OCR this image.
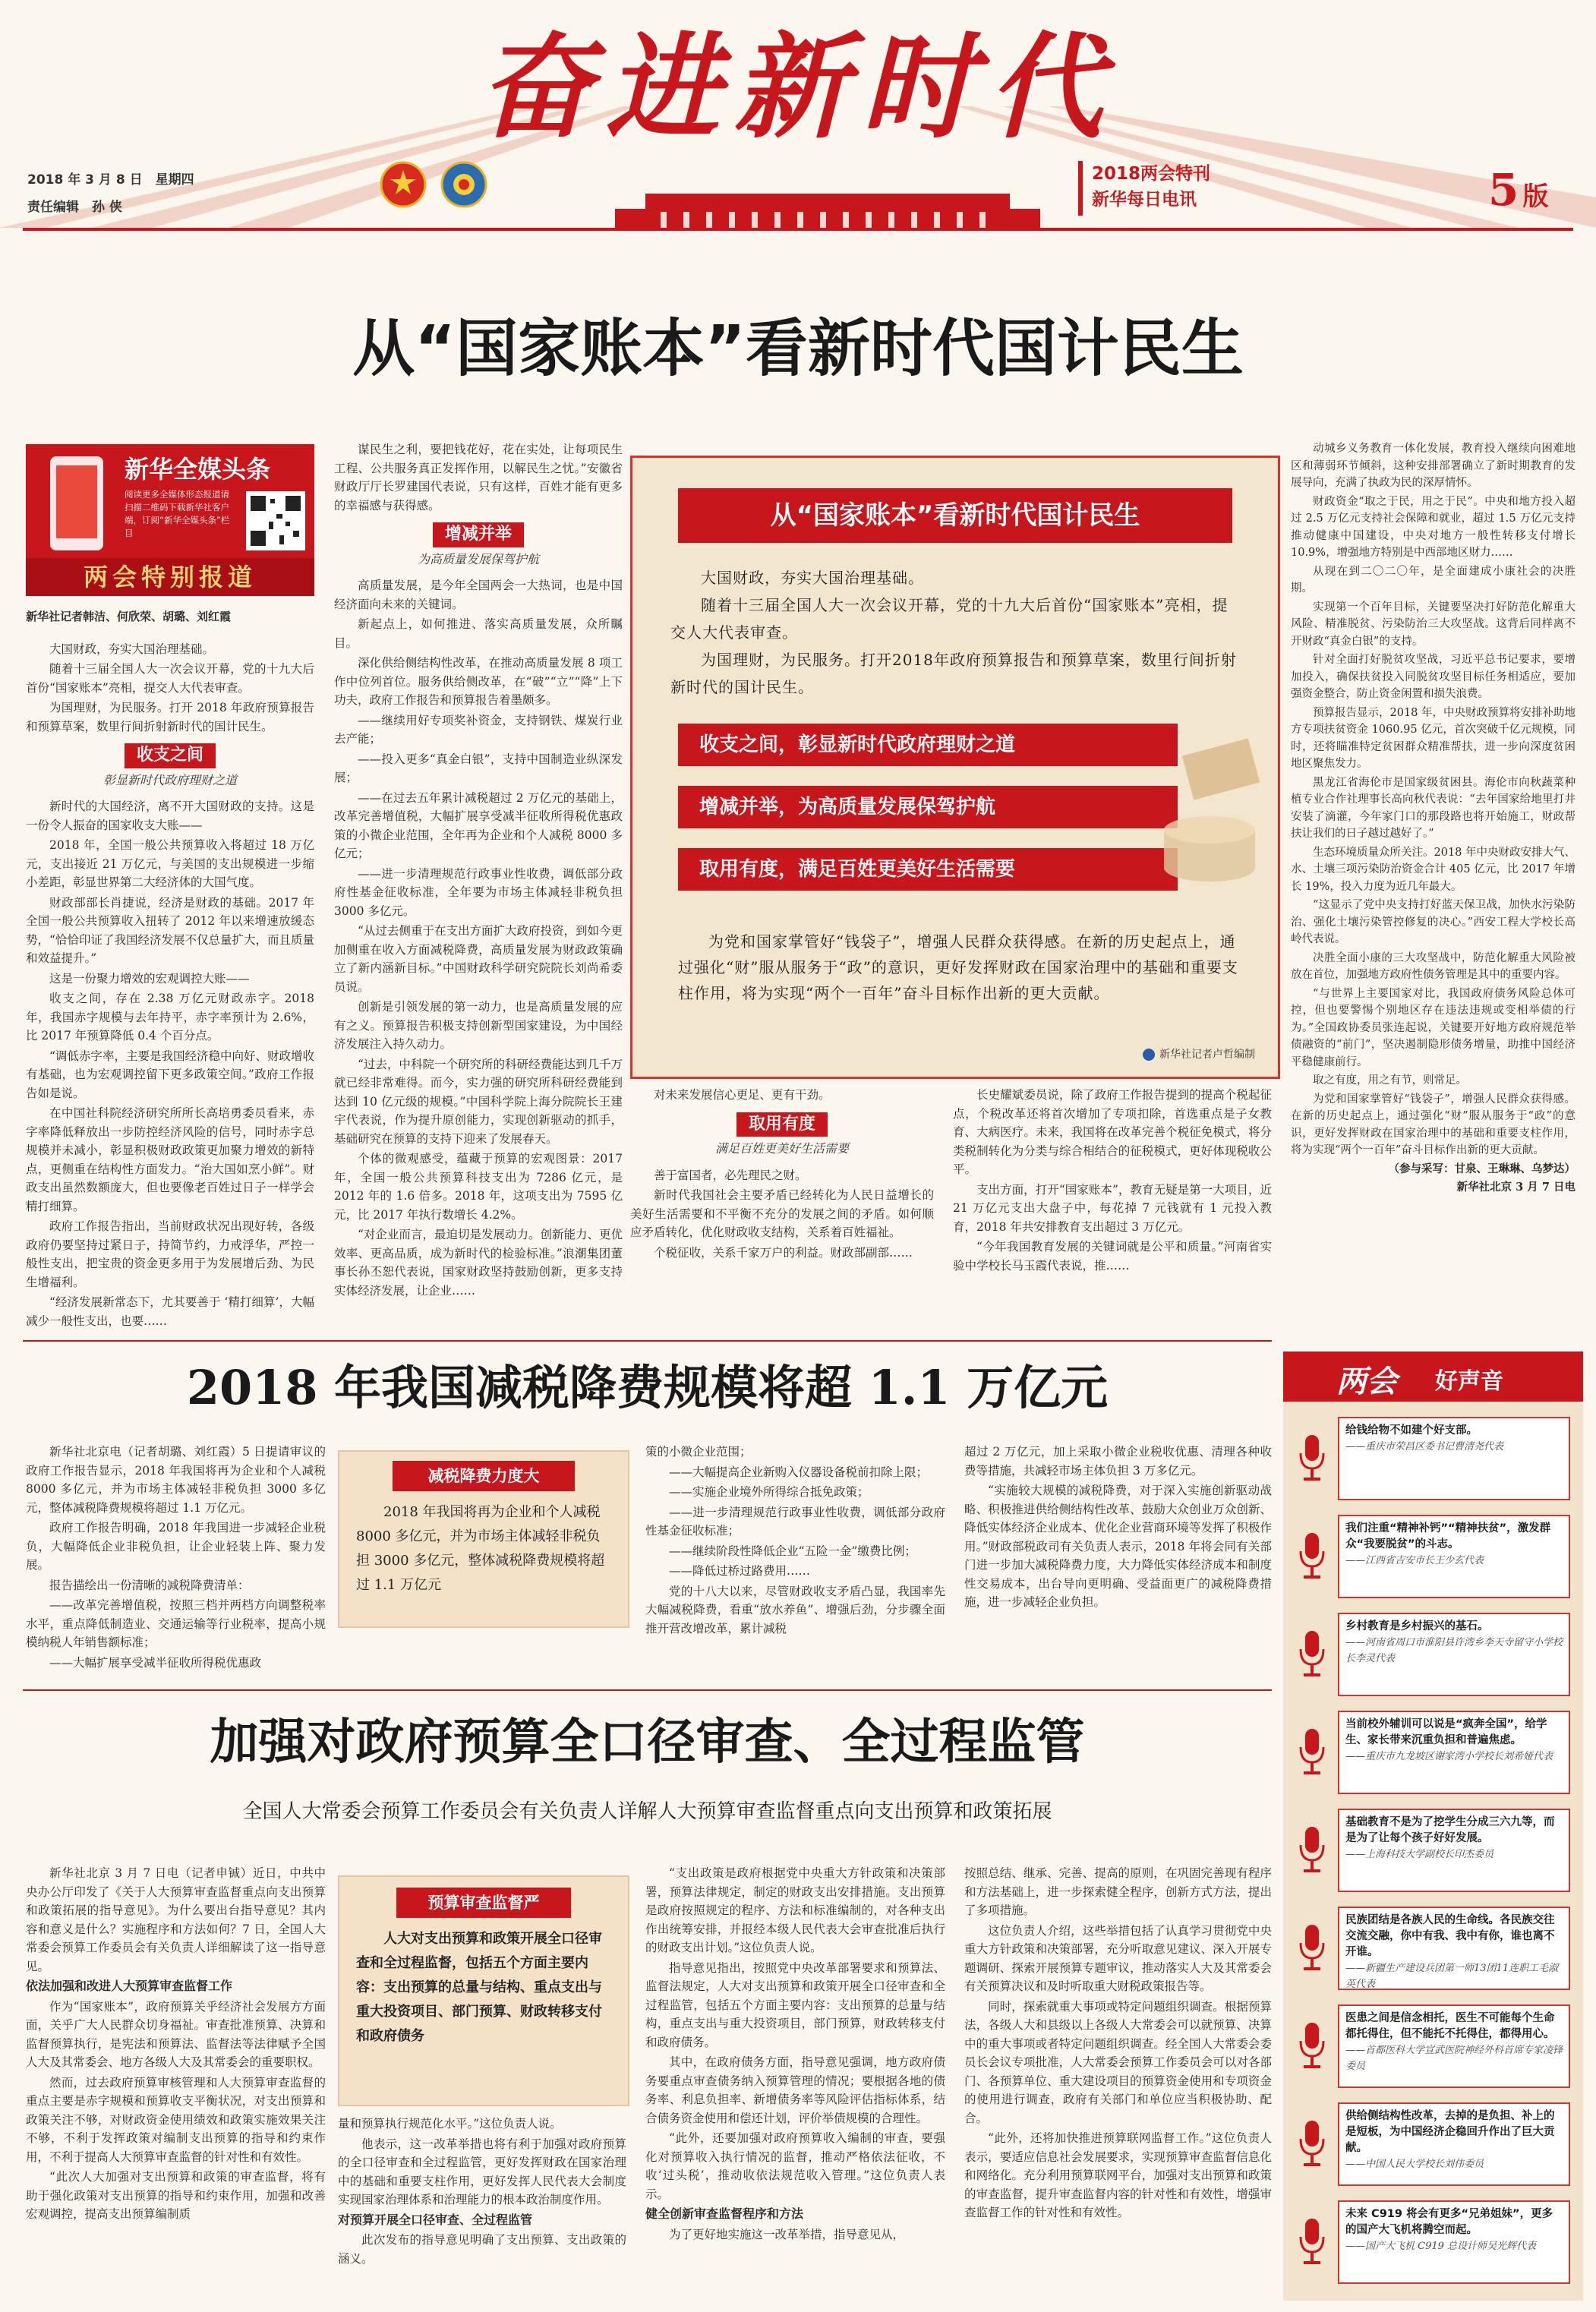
奋进新时代
2018 年 3 月 8 日　星期四
责任编辑　孙 侠
2018两会特刊
新华每日电讯	5 版
从“国家账本”看新时代国计民生
新华全媒头条
阅读更多全媒体形态报道请扫描二维码下载新华社客户端，订阅“新华全媒头条”栏目
两会特别报道
新华社记者韩洁、何欣荣、胡璐、刘红霞

大国财政，夯实大国治理基础。

随着十三届全国人大一次会议开幕，党的十九大后首份“国家账本”亮相，提交人大代表审查。

为国理财，为民服务。打开 2018 年政府预算报告和预算草案，数里行间折射新时代的国计民生。

收支之间
彰显新时代政府理财之道

新时代的大国经济，离不开大国财政的支持。这是一份令人振奋的国家收支大账——

2018 年，全国一般公共预算收入将超过 18 万亿元，支出接近 21 万亿元，与美国的支出规模进一步缩小差距，彰显世界第二大经济体的大国气度。

财政部部长肖捷说，经济是财政的基础。2017 年全国一般公共预算收入扭转了 2012 年以来增速放缓态势，“恰恰印证了我国经济发展不仅总量扩大，而且质量和效益提升。”

这是一份聚力增效的宏观调控大账——

收支之间，存在 2.38 万亿元财政赤字。2018 年，我国赤字规模与去年持平，赤字率预计为 2.6%，比 2017 年预算降低 0.4 个百分点。

“调低赤字率，主要是我国经济稳中向好、财政增收有基础，也为宏观调控留下更多政策空间。”政府工作报告如是说。

在中国社科院经济研究所所长高培勇委员看来，赤字率降低释放出一步防控经济风险的信号，同时赤字总规模并未减小，彰显积极财政政策更加聚力增效的新特点，更侧重在结构性方面发力。“治大国如烹小鲜”。财政支出虽然数额庞大，但也要像老百姓过日子一样学会精打细算。

政府工作报告指出，当前财政状况出现好转，各级政府仍要坚持过紧日子，持简节约，力戒浮华，严控一般性支出，把宝贵的资金更多用于为发展增后劲、为民生增福利。

“经济发展新常态下，尤其要善于 ‘精打细算’，大幅减少一般性支出，也要……

谋民生之利，要把钱花好，花在实处，让每项民生工程、公共服务真正发挥作用，以解民生之忧。”安徽省财政厅厅长罗建国代表说，只有这样，百姓才能有更多的幸福感与获得感。

增减并举
为高质量发展保驾护航

高质量发展，是今年全国两会一大热词，也是中国经济面向未来的关键词。

新起点上，如何推进、落实高质量发展，众所瞩目。

深化供给侧结构性改革，在推动高质量发展 8 项工作中位列首位。服务供给侧改革，在“破”“立”“降”上下功夫，政府工作报告和预算报告着墨颇多。

——继续用好专项奖补资金，支持钢铁、煤炭行业去产能；

——投入更多“真金白银”，支持中国制造业纵深发展；

——在过去五年累计减税超过 2 万亿元的基础上，改革完善增值税，大幅扩展享受减半征收所得税优惠政策的小微企业范围，全年再为企业和个人减税 8000 多亿元；

——进一步清理规范行政事业性收费，调低部分政府性基金征收标准，全年要为市场主体减轻非税负担 3000 多亿元。

“从过去侧重于在支出方面扩大政府投资，到如今更加侧重在收入方面减税降费，高质量发展为财政政策确立了新内涵新目标。”中国财政科学研究院院长刘尚希委员说。

创新是引领发展的第一动力，也是高质量发展的应有之义。预算报告积极支持创新型国家建设，为中国经济发展注入持久动力。

“过去，中科院一个研究所的科研经费能达到几千万就已经非常难得。而今，实力强的研究所科研经费能到达到 10 亿元级的规模。”中国科学院上海分院院长王建宇代表说，作为提升原创能力，实现创新驱动的抓手，基础研究在预算的支持下迎来了发展春天。

个体的微观感受，蕴藏于预算的宏观图景：2017 年，全国一般公共预算科技支出为 7286 亿元，是 2012 年的 1.6 倍多。2018 年，这项支出为 7595 亿元，比 2017 年执行数增长 4.2%。

“对企业而言，最迫切是发展动力。创新能力、更优效率、更高品质，成为新时代的检验标准。”浪潮集团董事长孙丕恕代表说，国家财政坚持鼓励创新，更多支持实体经济发展，让企业……

从“国家账本”看新时代国计民生

大国财政，夯实大国治理基础。

随着十三届全国人大一次会议开幕，党的十九大后首份“国家账本”亮相，提交人大代表审查。

为国理财，为民服务。打开2018年政府预算报告和预算草案，数里行间折射新时代的国计民生。

收支之间，彰显新时代政府理财之道
增减并举，为高质量发展保驾护航
取用有度，满足百姓更美好生活需要
为党和国家掌管好“钱袋子”，增强人民群众获得感。在新的历史起点上，通过强化“财”服从服务于“政”的意识，更好发挥财政在国家治理中的基础和重要支柱作用，将为实现“两个一百年”奋斗目标作出新的更大贡献。
新华社记者卢哲编制

对未来发展信心更足、更有干劲。

取用有度
满足百姓更美好生活需要

善于富国者，必先理民之财。

新时代我国社会主要矛盾已经转化为人民日益增长的美好生活需要和不平衡不充分的发展之间的矛盾。如何顺应矛盾转化，优化财政收支结构，关系着百姓福祉。

个税征收，关系千家万户的利益。财政部副部……

长史耀斌委员说，除了政府工作报告提到的提高个税起征点，个税改革还将首次增加了专项扣除，首选重点是子女教育、大病医疗。未来，我国将在改革完善个税征免模式，将分类税制转化为分类与综合相结合的征税模式，更好体现税收公平。

支出方面，打开“国家账本”，教育无疑是第一大项目，近 21 万亿元支出大盘子中，每花掉 7 元钱就有 1 元投入教育，2018 年共安排教育支出超过 3 万亿元。

“今年我国教育发展的关键词就是公平和质量。”河南省实验中学校长马玉霞代表说，推……

动城乡义务教育一体化发展，教育投入继续向困难地区和薄弱环节倾斜，这种安排部署确立了新时期教育的发展导向，充满了执政为民的深厚情怀。

财政资金“取之于民，用之于民”。中央和地方投入超过 2.5 万亿元支持社会保障和就业，超过 1.5 万亿元支持推动健康中国建设，中央对地方一般性转移支付增长 10.9%，增强地方特别是中西部地区财力……

从现在到二〇二〇年，是全面建成小康社会的决胜期。

实现第一个百年目标，关键要坚决打好防范化解重大风险、精准脱贫、污染防治三大攻坚战。这背后同样离不开财政“真金白银”的支持。

针对全面打好脱贫攻坚战，习近平总书记要求，要增加投入，确保扶贫投入同脱贫攻坚目标任务相适应，要加强资金整合，防止资金闲置和损失浪费。

预算报告显示，2018 年，中央财政预算将安排补助地方专项扶贫资金 1060.95 亿元，首次突破千亿元规模，同时，还将瞄准特定贫困群众精准帮扶，进一步向深度贫困地区聚焦发力。

黑龙江省海伦市是国家级贫困县。海伦市向秋蔬菜种植专业合作社理事长高向秋代表说：“去年国家给地里打井安装了滴灌，今年家门口的那段路也将开始施工，财政帮扶让我们的日子越过越好了。”

生态环境质量众所关注。2018 年中央财政安排大气、水、土壤三项污染防治资金合计 405 亿元，比 2017 年增长 19%，投入力度为近几年最大。

“这显示了党中央支持打好蓝天保卫战，加快水污染防治、强化土壤污染管控修复的决心。”西安工程大学校长高岭代表说。

决胜全面小康的三大攻坚战中，防范化解重大风险被放在首位，加强地方政府性债务管理是其中的重要内容。

“与世界上主要国家对比，我国政府债务风险总体可控，但也要警惕个别地区存在违法违规或变相举债的行为。”全国政协委员张连起说，关键要开好地方政府规范举债融资的“前门”，坚决遏制隐形债务增量，助推中国经济平稳健康前行。

取之有度，用之有节，则常足。

为党和国家掌管好“钱袋子”，增强人民群众获得感。在新的历史起点上，通过强化“财”服从服务于“政”的意识，更好发挥财政在国家治理中的基础和重要支柱作用，将为实现“两个一百年”奋斗目标作出新的更大贡献。

（参与采写：甘泉、王琳琳、乌梦达）

新华社北京 3 月 7 日电

2018 年我国减税降费规模将超 1.1 万亿元

新华社北京电（记者胡璐、刘红霞）5 日提请审议的政府工作报告显示，2018 年我国将再为企业和个人减税 8000 多亿元，并为市场主体减轻非税负担 3000 多亿元，整体减税降费规模将超过 1.1 万亿元。

政府工作报告明确，2018 年我国进一步减轻企业税负，大幅降低企业非税负担，让企业轻装上阵、聚力发展。

报告描绘出一份清晰的减税降费清单：

——改革完善增值税，按照三档并两档方向调整税率水平，重点降低制造业、交通运输等行业税率，提高小规模纳税人年销售额标准；

——大幅扩展享受减半征收所得税优惠政

减税降费力度大
2018 年我国将再为企业和个人减税 8000 多亿元，并为市场主体减轻非税负担 3000 多亿元，整体减税降费规模将超过 1.1 万亿元

策的小微企业范围；

——大幅提高企业新购入仪器设备税前扣除上限；

——实施企业境外所得综合抵免政策；

——进一步清理规范行政事业性收费，调低部分政府性基金征收标准；

——继续阶段性降低企业“五险一金”缴费比例；

——降低过桥过路费用……

党的十八大以来，尽管财政收支矛盾凸显，我国率先大幅减税降费，看重“放水养鱼”、增强后劲，分步骤全面推开营改增改革，累计减税

超过 2 万亿元，加上采取小微企业税收优惠、清理各种收费等措施，共减轻市场主体负担 3 万多亿元。

“实施较大规模的减税降费，对于深入实施创新驱动战略、积极推进供给侧结构性改革、鼓励大众创业万众创新、降低实体经济企业成本、优化企业营商环境等发挥了积极作用。”财政部税政司有关负责人表示，2018 年将会同有关部门进一步加大减税降费力度，大力降低实体经济成本和制度性交易成本，出台导向更明确、受益面更广的减税降费措施，进一步减轻企业负担。

加强对政府预算全口径审查、全过程监管
全国人大常委会预算工作委员会有关负责人详解人大预算审查监督重点向支出预算和政策拓展

新华社北京 3 月 7 日电（记者申铖）近日，中共中央办公厅印发了《关于人大预算审查监督重点向支出预算和政策拓展的指导意见》。为什么要出台指导意见？其内容和意义是什么？实施程序和方法如何？7 日，全国人大常委会预算工作委员会有关负责人详细解读了这一指导意见。

依法加强和改进人大预算审查监督工作

作为“国家账本”，政府预算关乎经济社会发展方方面面，关乎广大人民群众切身福祉。审查批准预算、决算和监督预算执行，是宪法和预算法、监督法等法律赋予全国人大及其常委会、地方各级人大及其常委会的重要职权。

然而，过去政府预算审核管理和人大预算审查监督的重点主要是赤字规模和预算收支平衡状况，对支出预算和政策关注不够，对财政资金使用绩效和政策实施效果关注不够，不利于发挥政策对编制支出预算的指导和约束作用，不利于提高人大预算审查监督的针对性和有效性。

“此次人大加强对支出预算和政策的审查监督，将有助于强化政策对支出预算的指导和约束作用，加强和改善宏观调控，提高支出预算编制质

预算审查监督严
人大对支出预算和政策开展全口径审查和全过程监督，包括五个方面主要内容：支出预算的总量与结构、重点支出与重大投资项目、部门预算、财政转移支付和政府债务

量和预算执行规范化水平。”这位负责人说。

他表示，这一改革举措也将有利于加强对政府预算的全口径审查和全过程监管，更好发挥财政在国家治理中的基础和重要支柱作用，更好发挥人民代表大会制度实现国家治理体系和治理能力的根本政治制度作用。

对预算开展全口径审查、全过程监管

此次发布的指导意见明确了支出预算、支出政策的涵义。

“支出政策是政府根据党中央重大方针政策和决策部署，预算法律规定，制定的财政支出安排措施。支出预算是政府按照规定的程序、方法和标准编制的，对各种支出作出统筹安排，并报经本级人民代表大会审查批准后执行的财政支出计划。”这位负责人说。

指导意见指出，按照党中央改革部署要求和预算法、监督法规定，人大对支出预算和政策开展全口径审查和全过程监管，包括五个方面主要内容：支出预算的总量与结构，重点支出与重大投资项目，部门预算，财政转移支付和政府债务。

其中，在政府债务方面，指导意见强调，地方政府债务要重点审查债务纳入预算管理的情况；要根据各地的债务率、利息负担率、新增债务率等风险评估指标体系，结合债务资金使用和偿还计划，评价举债规模的合理性。

“此外，还要加强对政府预算收入编制的审查，要强化对预算收入执行情况的监督，推动严格依法征收，不收‘过头税’，推动收依法规范收入管理。”这位负责人表示。

健全创新审查监督程序和方法

为了更好地实施这一改革举措，指导意见从，

按照总结、继承、完善、提高的原则，在巩固完善现有程序和方法基础上，进一步探索健全程序，创新方式方法，提出了多项措施。

这位负责人介绍，这些举措包括了认真学习贯彻党中央重大方针政策和决策部署，充分听取意见建议、深入开展专题调研、探索开展预算专题审议，推动落实人大及其常委会有关预算决议和及时听取重大财税政策报告等。

同时，探索就重大事项或特定问题组织调查。根据预算法，各级人大和县级以上各级人大常委会可以就预算、决算中的重大事项或者特定问题组织调查。经全国人大常委会委员长会议专项批准，人大常委会预算工作委员会可以对各部门、各预算单位、重大建设项目的预算资金使用和专项资金的使用进行调查，政府有关部门和单位应当积极协助、配合。

“此外，还将加快推进预算联网监督工作。”这位负责人表示，要适应信息社会发展要求，实现预算审查监督信息化和网络化。充分利用预算联网平台，加强对支出预算和政策的审查监督，提升审查监督内容的针对性和有效性，增强审查监督工作的针对性和有效性。

两会 好声音
给钱给物不如建个好支部。
——重庆市荣昌区委书记曹清尧代表
我们注重“精神补钙”“精神扶贫”，激发群众“我要脱贫”的斗志。
——江西省吉安市长王少玄代表
乡村教育是乡村振兴的基石。
——河南省周口市淮阳县许湾乡李天寺留守小学校长李灵代表
当前校外辅训可以说是“疯奔全国”，给学生、家长带来沉重负担和普遍焦虑。
——重庆市九龙坡区谢家湾小学校长刘希娅代表
基础教育不是为了挖学生分成三六九等，而是为了让每个孩子好好发展。
——上海科技大学副校长印杰委员
民族团结是各族人民的生命线。各民族交往交流交融，你中有我、我中有你，谁也离不开谁。
——新疆生产建设兵团第一师13团11连职工毛淑英代表
医患之间是信念相托，医生不可能每个生命都托得住，但不能托不托得住，都得用心。
——首都医科大学宣武医院神经外科首席专家凌锋委员
供给侧结构性改革，去掉的是负担、补上的是短板，为中国经济企稳回升作出了巨大贡献。
——中国人民大学校长刘伟委员
未来 C919 将会有更多“兄弟姐妹”，更多的国产大飞机将腾空而起。
——国产大飞机 C919 总设计师吴光辉代表
